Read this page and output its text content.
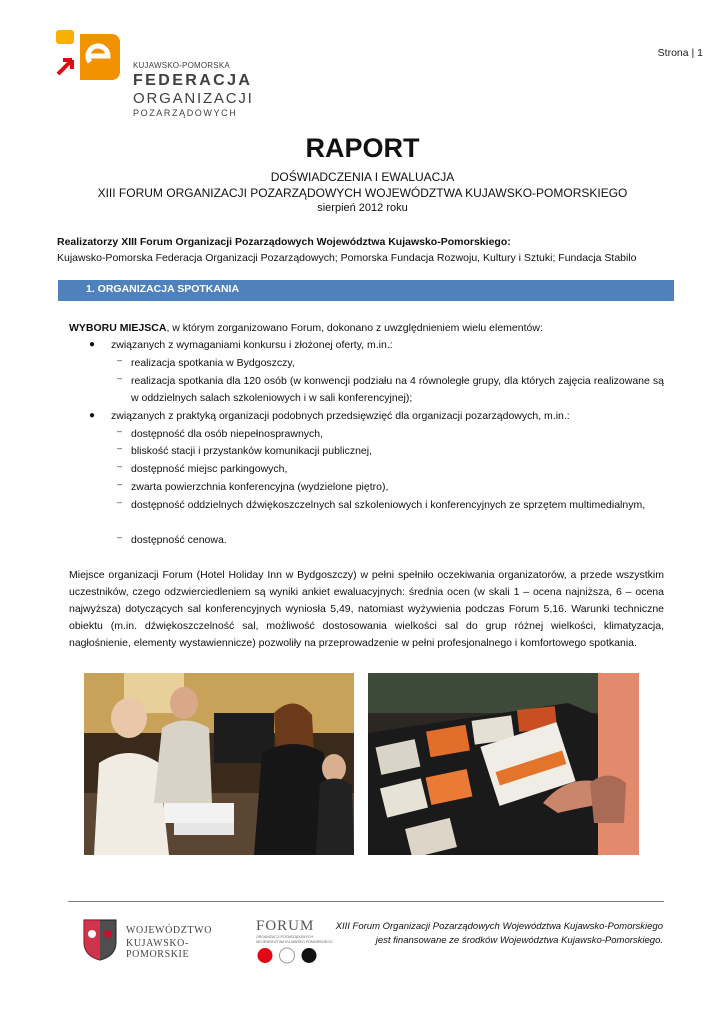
Strona | 1
KUJAWSKO-POMORSKA
FEDERACJA
ORGANIZACJI
POZARZĄDOWYCH
RAPORT
DOŚWIADCZENIA I EWALUACJA
XIII FORUM ORGANIZACJI POZARZĄDOWYCH WOJEWÓDZTWA KUJAWSKO-POMORSKIEGO
sierpień 2012 roku
Realizatorzy XIII Forum Organizacji Pozarządowych Województwa Kujawsko-Pomorskiego:
Kujawsko-Pomorska Federacja Organizacji Pozarządowych; Pomorska Fundacja Rozwoju, Kultury i Sztuki; Fundacja Stabilo
1. ORGANIZACJA SPOTKANIA
WYBORU MIEJSCA, w którym zorganizowano Forum, dokonano z uwzględnieniem wielu elementów:
● związanych z wymaganiami konkursu i złożonej oferty, m.in.:
– realizacja spotkania w Bydgoszczy,
– realizacja spotkania dla 120 osób (w konwencji podziału na 4 równoległe grupy, dla których zajęcia realizowane są w oddzielnych salach szkoleniowych i w sali konferencyjnej);
● związanych z praktyką organizacji podobnych przedsięwzięć dla organizacji pozarządowych, m.in.:
– dostępność dla osób niepełnosprawnych,
– bliskość stacji i przystanków komunikacji publicznej,
– dostępność miejsc parkingowych,
– zwarta powierzchnia konferencyjna (wydzielone piętro),
– dostępność oddzielnych dźwiękoszczelnych sal szkoleniowych i konferencyjnych ze sprzętem multimedialnym,
– dostępność cenowa.
Miejsce organizacji Forum (Hotel Holiday Inn w Bydgoszczy) w pełni spełniło oczekiwania organizatorów, a przede wszystkim uczestników, czego odzwierciedleniem są wyniki ankiet ewaluacyjnych: średnia ocen (w skali 1 – ocena najniższa, 6 – ocena najwyższa) dotyczących sal konferencyjnych wyniosła 5,49, natomiast wyżywienia podczas Forum 5,16. Warunki techniczne obiektu (m.in. dźwiękoszczelność sal, możliwość dostosowania wielkości sal do grup różnej wielkości, klimatyzacja, nagłośnienie, elementy wystawiennicze) pozwoliły na przeprowadzenie w pełni profesjonalnego i komfortowego spotkania.
WOJEWÓDZTWO
KUJAWSKO-POMORSKIE
FORUM
ORGANIZACJI POZARZĄDOWYCH
WOJEWÓDZTWA KUJAWSKO-POMORSKIEGO
XIII Forum Organizacji Pozarządowych Województwa Kujawsko-Pomorskiego
jest finansowane ze środków Województwa Kujawsko-Pomorskiego.
